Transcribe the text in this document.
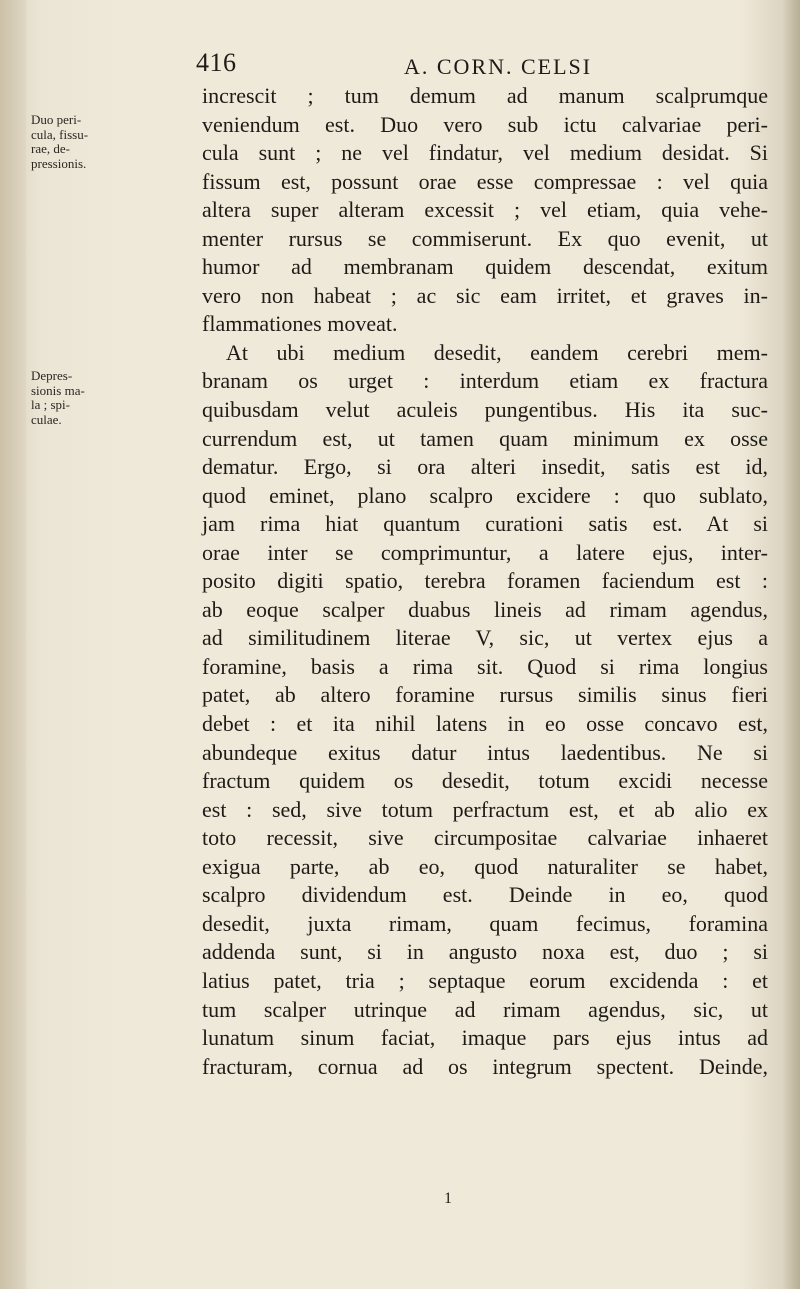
416	A. CORN. CELSI
Duo peri-
cula, fissu-
rae, de-
pressionis.
Depres-
sionis ma-
la ; spi-
culae.
increscit ; tum demum ad manum scalprumque
veniendum est. Duo vero sub ictu calvariae peri-
cula sunt ; ne vel findatur, vel medium desidat. Si
fissum est, possunt orae esse compressae : vel quia
altera super alteram excessit ; vel etiam, quia vehe-
menter rursus se commiserunt. Ex quo evenit, ut
humor ad membranam quidem descendat, exitum
vero non habeat ; ac sic eam irritet, et graves in-
flammationes moveat.
At ubi medium desedit, eandem cerebri mem-
branam os urget : interdum etiam ex fractura
quibusdam velut aculeis pungentibus. His ita suc-
currendum est, ut tamen quam minimum ex osse
dematur. Ergo, si ora alteri insedit, satis est id,
quod eminet, plano scalpro excidere : quo sublato,
jam rima hiat quantum curationi satis est. At si
orae inter se comprimuntur, a latere ejus, inter-
posito digiti spatio, terebra foramen faciendum est :
ab eoque scalper duabus lineis ad rimam agendus,
ad similitudinem literae V, sic, ut vertex ejus a
foramine, basis a rima sit. Quod si rima longius
patet, ab altero foramine rursus similis sinus fieri
debet : et ita nihil latens in eo osse concavo est,
abundeque exitus datur intus laedentibus. Ne si
fractum quidem os desedit, totum excidi necesse
est : sed, sive totum perfractum est, et ab alio ex
toto recessit, sive circumpositae calvariae inhaeret
exigua parte, ab eo, quod naturaliter se habet,
scalpro dividendum est. Deinde in eo, quod
desedit, juxta rimam, quam fecimus, foramina
addenda sunt, si in angusto noxa est, duo ; si
latius patet, tria ; septaque eorum excidenda : et
tum scalper utrinque ad rimam agendus, sic, ut
lunatum sinum faciat, imaque pars ejus intus ad
fracturam, cornua ad os integrum spectent. Deinde,
1
